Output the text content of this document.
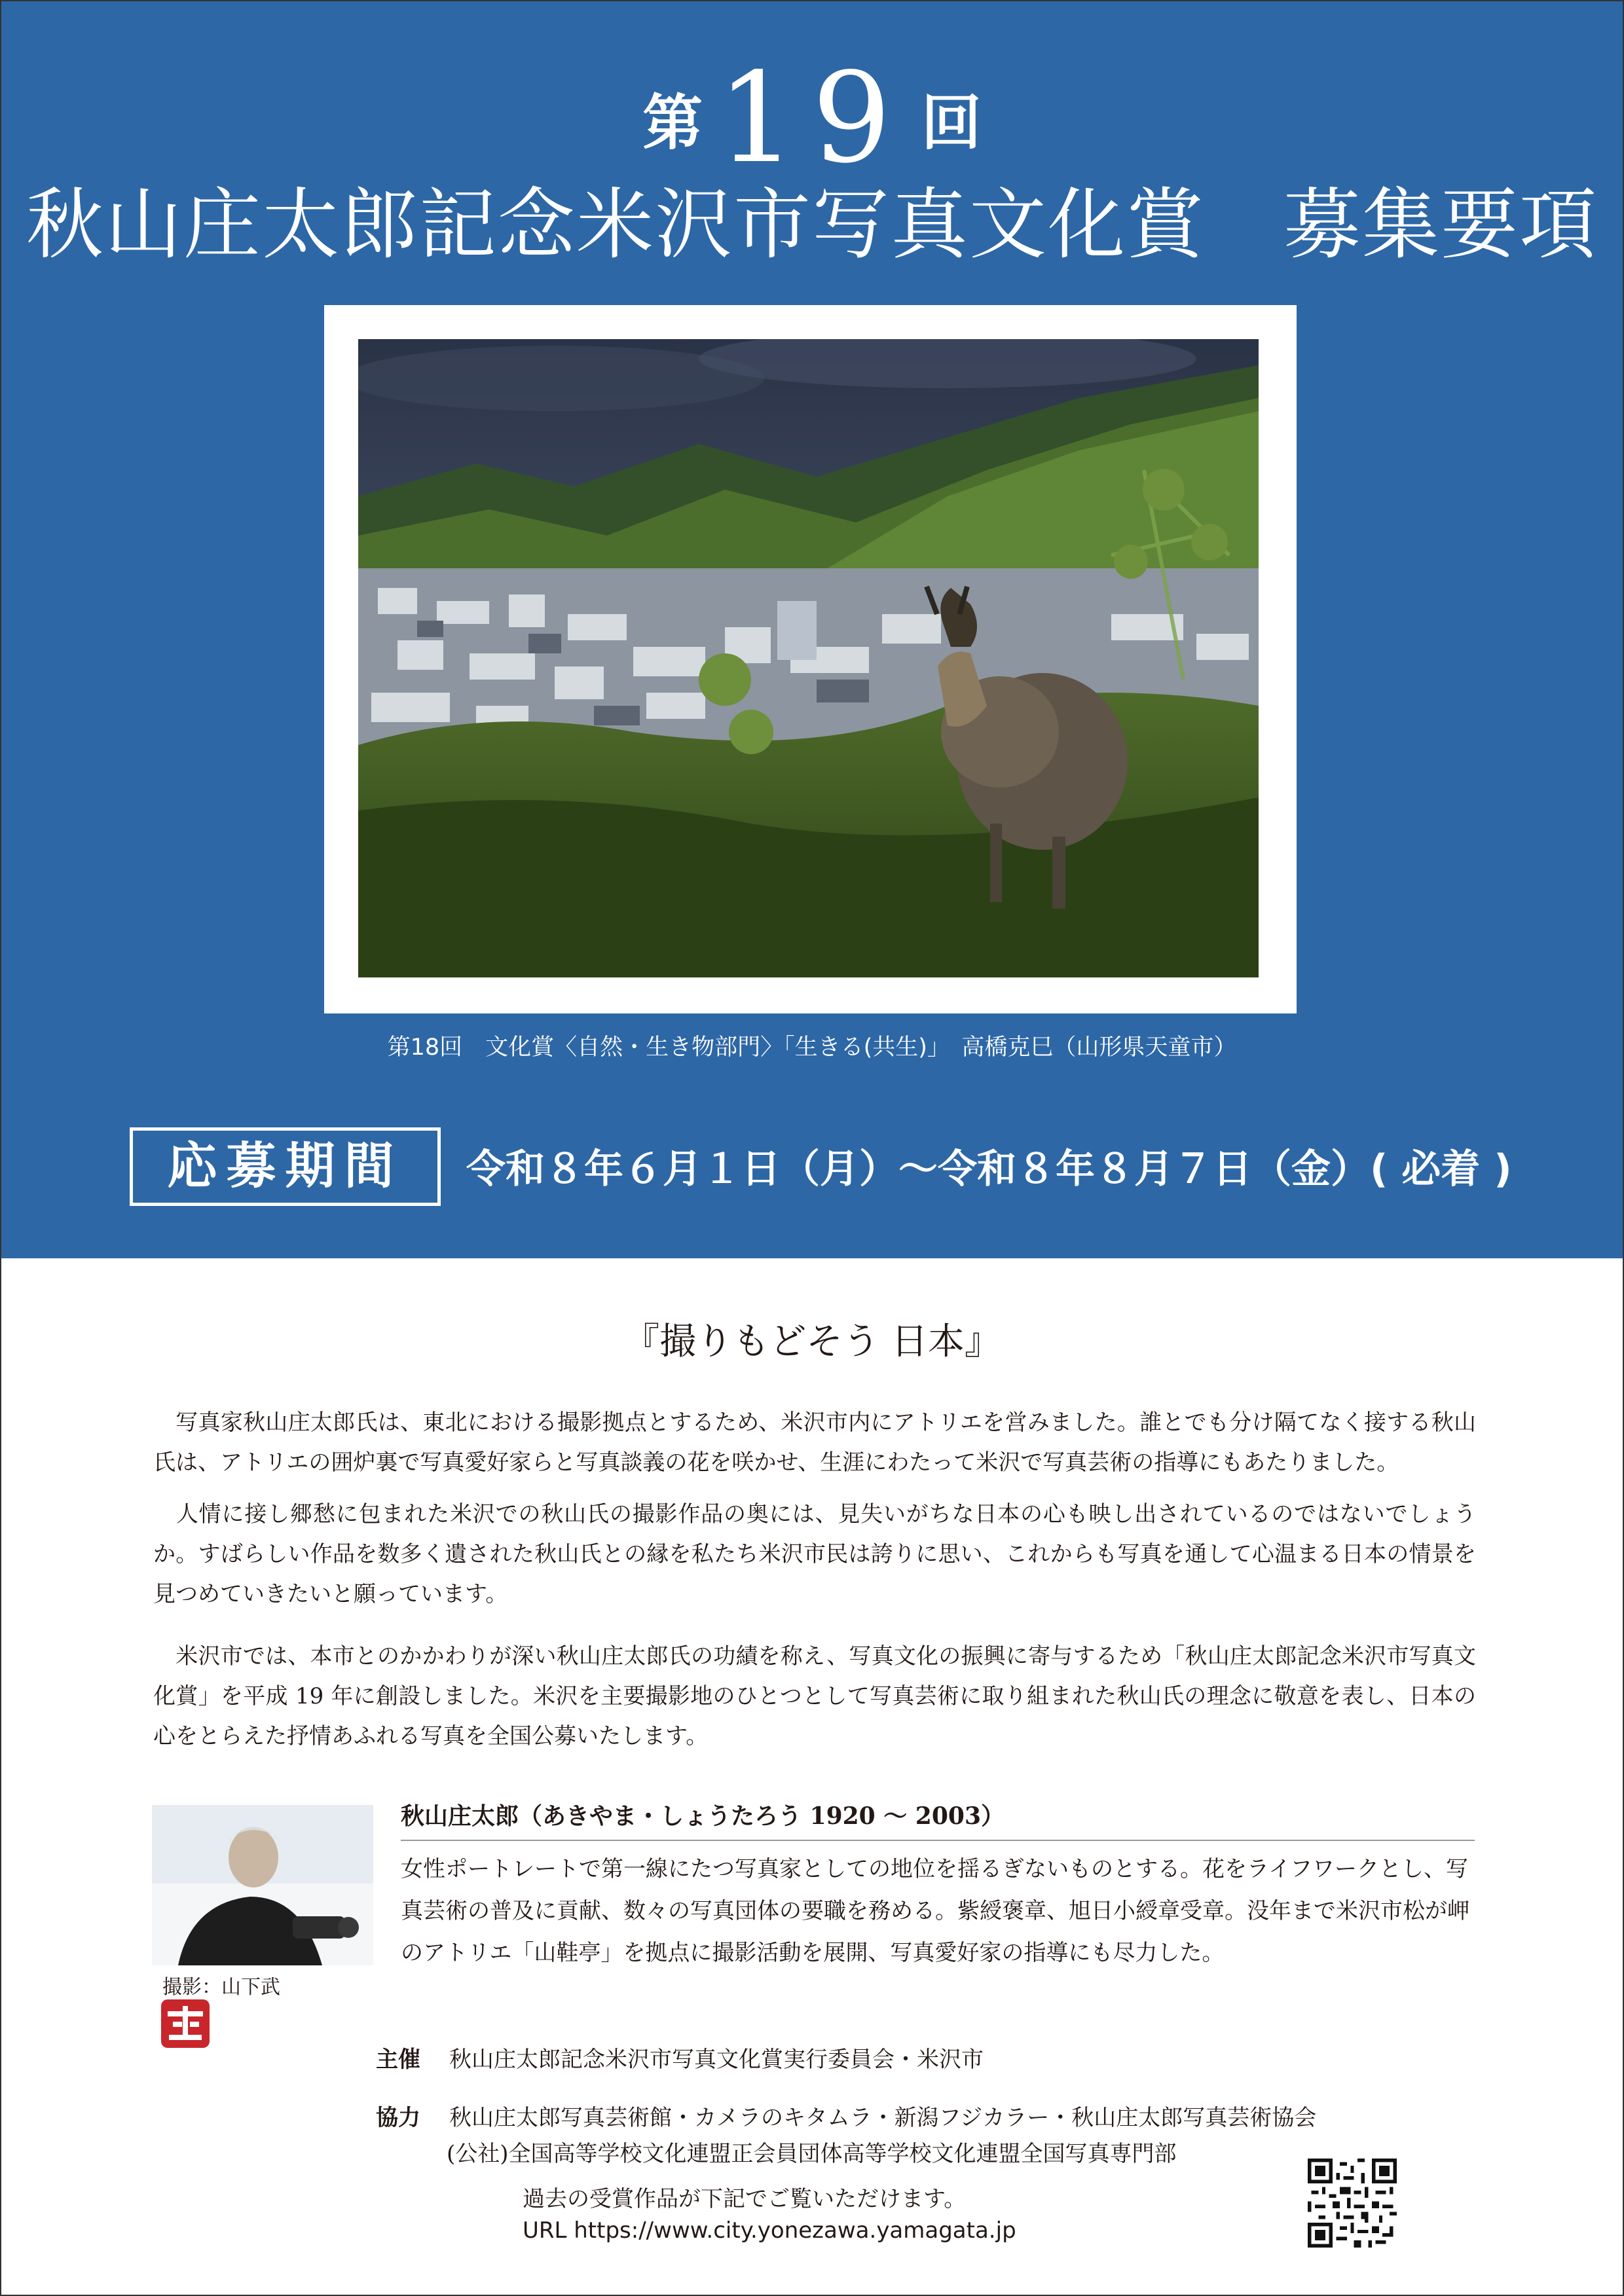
第 19 回
秋山庄太郎記念米沢市写真文化賞　募集要項
第18回　文化賞〈自然・生き物部門〉「生きる(共生)」　高橋克巳（山形県天童市）
応募期間	令和８年６月１日（月）～令和８年８月７日（金）( 必着 )
『撮りもどそう 日本』
　写真家秋山庄太郎氏は、東北における撮影拠点とするため、米沢市内にアトリエを営みました。誰とでも分け隔てなく接する秋山氏は、アトリエの囲炉裏で写真愛好家らと写真談義の花を咲かせ、生涯にわたって米沢で写真芸術の指導にもあたりました。
　人情に接し郷愁に包まれた米沢での秋山氏の撮影作品の奥には、見失いがちな日本の心も映し出されているのではないでしょうか。すばらしい作品を数多く遺された秋山氏との縁を私たち米沢市民は誇りに思い、これからも写真を通して心温まる日本の情景を見つめていきたいと願っています。
　米沢市では、本市とのかかわりが深い秋山庄太郎氏の功績を称え、写真文化の振興に寄与するため「秋山庄太郎記念米沢市写真文化賞」を平成 19 年に創設しました。米沢を主要撮影地のひとつとして写真芸術に取り組まれた秋山氏の理念に敬意を表し、日本の心をとらえた抒情あふれる写真を全国公募いたします。
撮影：山下武
秋山庄太郎（あきやま・しょうたろう 1920 ～ 2003）
女性ポートレートで第一線にたつ写真家としての地位を揺るぎないものとする。花をライフワークとし、写真芸術の普及に貢献、数々の写真団体の要職を務める。紫綬褒章、旭日小綬章受章。没年まで米沢市松が岬のアトリエ「山鞋亭」を拠点に撮影活動を展開、写真愛好家の指導にも尽力した。
主催 秋山庄太郎記念米沢市写真文化賞実行委員会・米沢市
協力 秋山庄太郎写真芸術館・カメラのキタムラ・新潟フジカラー・秋山庄太郎写真芸術協会
(公社)全国高等学校文化連盟正会員団体高等学校文化連盟全国写真専門部
過去の受賞作品が下記でご覧いただけます。
URL https://www.city.yonezawa.yamagata.jp
